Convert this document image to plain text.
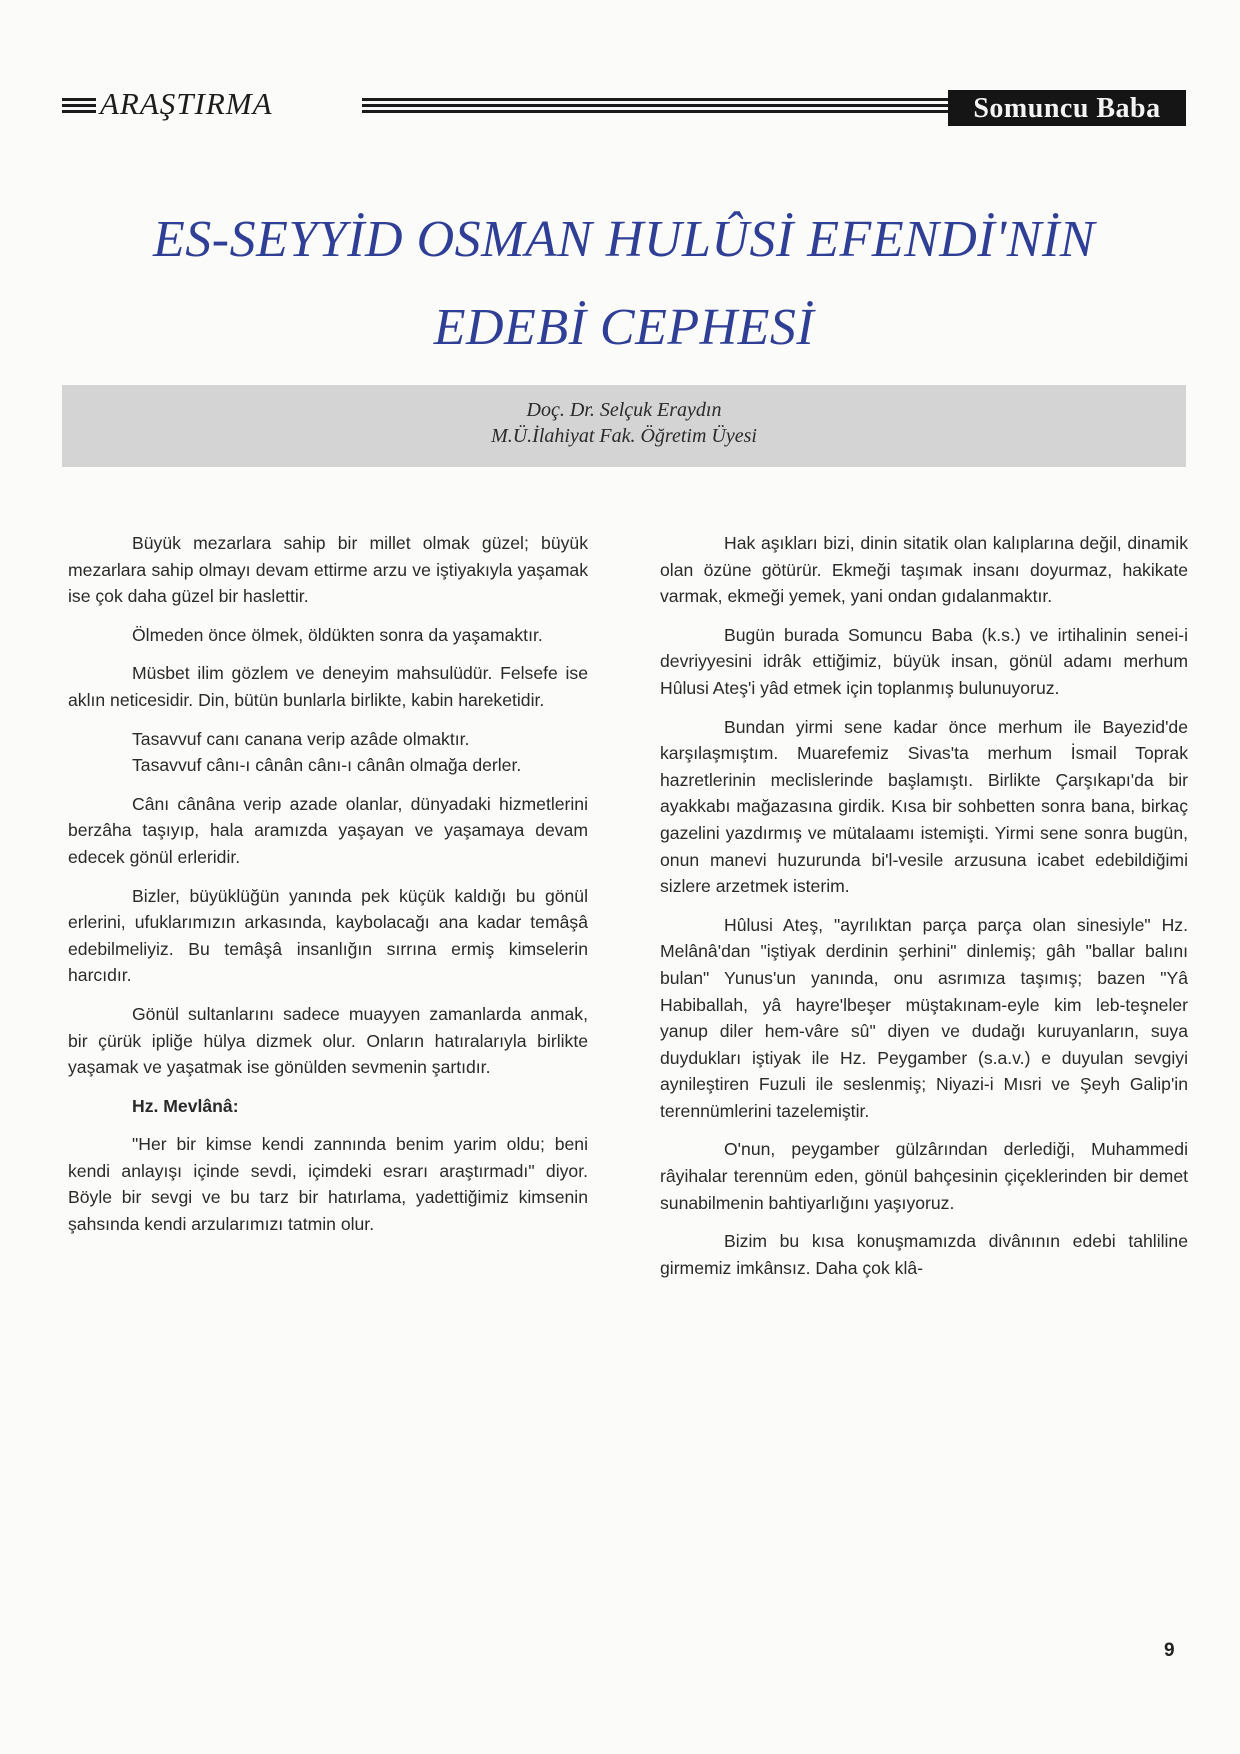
ARAŞTIRMA	Somuncu Baba
ES-SEYYİD OSMAN HULÛSİ EFENDİ'NİN
EDEBİ CEPHESİ
Doç. Dr. Selçuk Eraydın
M.Ü.İlahiyat Fak. Öğretim Üyesi

Büyük mezarlara sahip bir millet olmak güzel; büyük mezarlara sahip olmayı devam ettirme arzu ve iştiyakıyla yaşamak ise çok daha güzel bir haslettir.

Ölmeden önce ölmek, öldükten sonra da yaşamaktır.

Müsbet ilim gözlem ve deneyim mahsulüdür. Felsefe ise aklın neticesidir. Din, bütün bunlarla birlikte, kabin hareketidir.

Tasavvuf canı canana verip azâde olmaktır.

Tasavvuf cânı-ı cânân cânı-ı cânân olmağa derler.

Cânı cânâna verip azade olanlar, dünyadaki hizmetlerini berzâha taşıyıp, hala aramızda yaşayan ve yaşamaya devam edecek gönül erleridir.

Bizler, büyüklüğün yanında pek küçük kaldığı bu gönül erlerini, ufuklarımızın arkasında, kaybolacağı ana kadar temâşâ edebilmeliyiz. Bu temâşâ insanlığın sırrına ermiş kimselerin harcıdır.

Gönül sultanlarını sadece muayyen zamanlarda anmak, bir çürük ipliğe hülya dizmek olur. Onların hatıralarıyla birlikte yaşamak ve yaşatmak ise gönülden sevmenin şartıdır.

Hz. Mevlânâ:

"Her bir kimse kendi zannında benim yarim oldu; beni kendi anlayışı içinde sevdi, içimdeki esrarı araştırmadı" diyor. Böyle bir sevgi ve bu tarz bir hatırlama, yadettiğimiz kimsenin şahsında kendi arzularımızı tatmin olur.

Hak aşıkları bizi, dinin sitatik olan kalıplarına değil, dinamik olan özüne götürür. Ekmeği taşımak insanı doyurmaz, hakikate varmak, ekmeği yemek, yani ondan gıdalanmaktır.

Bugün burada Somuncu Baba (k.s.) ve irtihalinin senei-i devriyyesini idrâk ettiğimiz, büyük insan, gönül adamı merhum Hûlusi Ateş'i yâd etmek için toplanmış bulunuyoruz.

Bundan yirmi sene kadar önce merhum ile Bayezid'de karşılaşmıştım. Muarefemiz Sivas'ta merhum İsmail Toprak hazretlerinin meclislerinde başlamıştı. Birlikte Çarşıkapı'da bir ayakkabı mağazasına girdik. Kısa bir sohbetten sonra bana, birkaç gazelini yazdırmış ve mütalaamı istemişti. Yirmi sene sonra bugün, onun manevi huzurunda bi'l-vesile arzusuna icabet edebildiğimi sizlere arzetmek isterim.

Hûlusi Ateş, "ayrılıktan parça parça olan sinesiyle" Hz. Melânâ'dan "iştiyak derdinin şerhini" dinlemiş; gâh "ballar balını bulan" Yunus'un yanında, onu asrımıza taşımış; bazen "Yâ Habiballah, yâ hayre'lbeşer müştakınam-eyle kim leb-teşneler yanup diler hem-vâre sû" diyen ve dudağı kuruyanların, suya duydukları iştiyak ile Hz. Peygamber (s.a.v.) e duyulan sevgiyi aynileştiren Fuzuli ile seslenmiş; Niyazi-i Mısri ve Şeyh Galip'in terennümlerini tazelemiştir.

O'nun, peygamber gülzârından derlediği, Muhammedi râyihalar terennüm eden, gönül bahçesinin çiçeklerinden bir demet sunabilmenin bahtiyarlığını yaşıyoruz.

Bizim bu kısa konuşmamızda divânının edebi tahliline girmemiz imkânsız. Daha çok klâ-

9
